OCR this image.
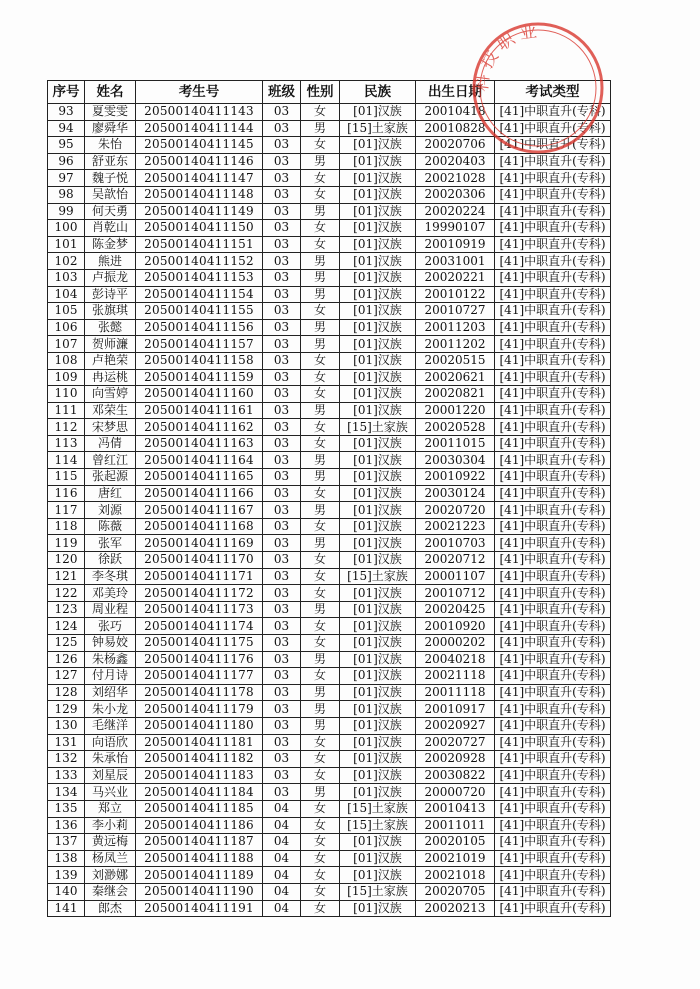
序号	姓名	考生号	班级	性别	民族	出生日期	考试类型
93	夏雯雯	20500140411143	03	女	[01]汉族	20010418	[41]中职直升(专科)
94	廖舜华	20500140411144	03	男	[15]土家族	20010828	[41]中职直升(专科)
95	朱怡	20500140411145	03	女	[01]汉族	20020706	[41]中职直升(专科)
96	舒亚东	20500140411146	03	男	[01]汉族	20020403	[41]中职直升(专科)
97	魏子悦	20500140411147	03	女	[01]汉族	20021028	[41]中职直升(专科)
98	吴歆怡	20500140411148	03	女	[01]汉族	20020306	[41]中职直升(专科)
99	何天勇	20500140411149	03	男	[01]汉族	20020224	[41]中职直升(专科)
100	肖乾山	20500140411150	03	女	[01]汉族	19990107	[41]中职直升(专科)
101	陈金梦	20500140411151	03	女	[01]汉族	20010919	[41]中职直升(专科)
102	熊进	20500140411152	03	男	[01]汉族	20031001	[41]中职直升(专科)
103	卢振龙	20500140411153	03	男	[01]汉族	20020221	[41]中职直升(专科)
104	彭诗平	20500140411154	03	男	[01]汉族	20010122	[41]中职直升(专科)
105	张旗琪	20500140411155	03	女	[01]汉族	20010727	[41]中职直升(专科)
106	张懿	20500140411156	03	男	[01]汉族	20011203	[41]中职直升(专科)
107	贺师濂	20500140411157	03	男	[01]汉族	20011202	[41]中职直升(专科)
108	卢艳荣	20500140411158	03	女	[01]汉族	20020515	[41]中职直升(专科)
109	冉运桃	20500140411159	03	女	[01]汉族	20020621	[41]中职直升(专科)
110	向雪婷	20500140411160	03	女	[01]汉族	20020821	[41]中职直升(专科)
111	邓荣生	20500140411161	03	男	[01]汉族	20001220	[41]中职直升(专科)
112	宋梦思	20500140411162	03	女	[15]土家族	20020528	[41]中职直升(专科)
113	冯倩	20500140411163	03	女	[01]汉族	20011015	[41]中职直升(专科)
114	曾红江	20500140411164	03	男	[01]汉族	20030304	[41]中职直升(专科)
115	张起源	20500140411165	03	男	[01]汉族	20010922	[41]中职直升(专科)
116	唐红	20500140411166	03	女	[01]汉族	20030124	[41]中职直升(专科)
117	刘源	20500140411167	03	男	[01]汉族	20020720	[41]中职直升(专科)
118	陈薇	20500140411168	03	女	[01]汉族	20021223	[41]中职直升(专科)
119	张军	20500140411169	03	男	[01]汉族	20010703	[41]中职直升(专科)
120	徐跃	20500140411170	03	女	[01]汉族	20020712	[41]中职直升(专科)
121	李冬琪	20500140411171	03	女	[15]土家族	20001107	[41]中职直升(专科)
122	邓美玲	20500140411172	03	女	[01]汉族	20010712	[41]中职直升(专科)
123	周业程	20500140411173	03	男	[01]汉族	20020425	[41]中职直升(专科)
124	张巧	20500140411174	03	女	[01]汉族	20010920	[41]中职直升(专科)
125	钟易姣	20500140411175	03	女	[01]汉族	20000202	[41]中职直升(专科)
126	朱杨鑫	20500140411176	03	男	[01]汉族	20040218	[41]中职直升(专科)
127	付月诗	20500140411177	03	女	[01]汉族	20021118	[41]中职直升(专科)
128	刘绍华	20500140411178	03	男	[01]汉族	20011118	[41]中职直升(专科)
129	朱小龙	20500140411179	03	男	[01]汉族	20010917	[41]中职直升(专科)
130	毛继洋	20500140411180	03	男	[01]汉族	20020927	[41]中职直升(专科)
131	向语欣	20500140411181	03	女	[01]汉族	20020727	[41]中职直升(专科)
132	朱承怡	20500140411182	03	女	[01]汉族	20020928	[41]中职直升(专科)
133	刘星辰	20500140411183	03	女	[01]汉族	20030822	[41]中职直升(专科)
134	马兴业	20500140411184	03	男	[01]汉族	20000720	[41]中职直升(专科)
135	郑立	20500140411185	04	女	[15]土家族	20010413	[41]中职直升(专科)
136	李小莉	20500140411186	04	女	[15]土家族	20011011	[41]中职直升(专科)
137	黄远梅	20500140411187	04	女	[01]汉族	20020105	[41]中职直升(专科)
138	杨凤兰	20500140411188	04	女	[01]汉族	20021019	[41]中职直升(专科)
139	刘渺娜	20500140411189	04	女	[01]汉族	20021018	[41]中职直升(专科)
140	秦继会	20500140411190	04	女	[15]土家族	20020705	[41]中职直升(专科)
141	郎杰	20500140411191	04	女	[01]汉族	20020213	[41]中职直升(专科)
科技职业
